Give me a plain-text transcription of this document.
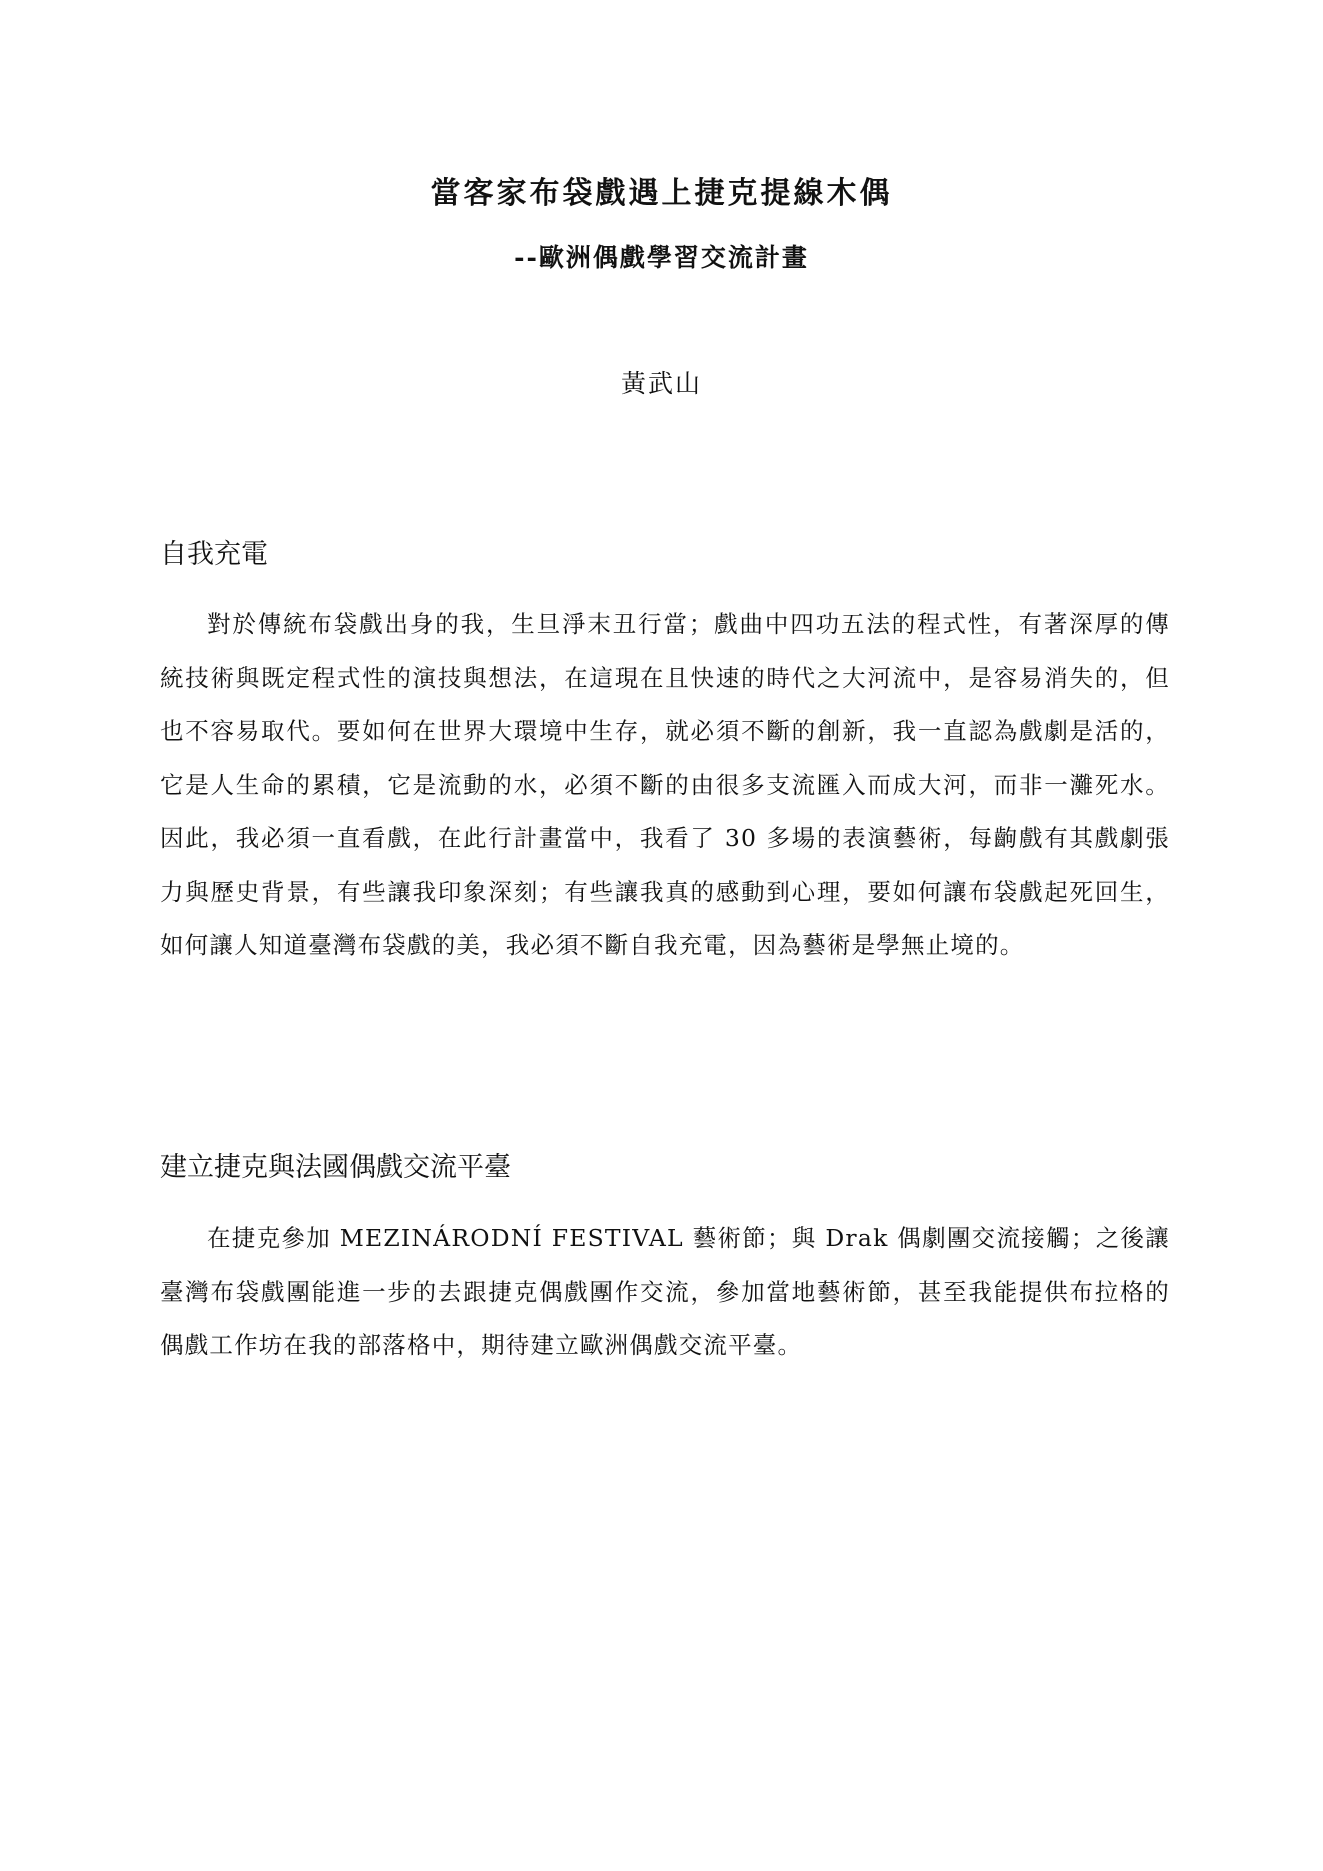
當客家布袋戲遇上捷克提線木偶
--歐洲偶戲學習交流計畫
黃武山
自我充電

對於傳統布袋戲出身的我，生旦淨末丑行當；戲曲中四功五法的程式性，有著深厚的傳統技術與既定程式性的演技與想法，在這現在且快速的時代之大河流中，是容易消失的，但也不容易取代。要如何在世界大環境中生存，就必須不斷的創新，我一直認為戲劇是活的，它是人生命的累積，它是流動的水，必須不斷的由很多支流匯入而成大河，而非一灘死水。因此，我必須一直看戲，在此行計畫當中，我看了 30 多場的表演藝術，每齣戲有其戲劇張力與歷史背景，有些讓我印象深刻；有些讓我真的感動到心理，要如何讓布袋戲起死回生，如何讓人知道臺灣布袋戲的美，我必須不斷自我充電，因為藝術是學無止境的。

建立捷克與法國偶戲交流平臺

在捷克參加 MEZINÁRODNÍ FESTIVAL 藝術節；與 Drak 偶劇團交流接觸；之後讓臺灣布袋戲團能進一步的去跟捷克偶戲團作交流，參加當地藝術節，甚至我能提供布拉格的偶戲工作坊在我的部落格中，期待建立歐洲偶戲交流平臺。
